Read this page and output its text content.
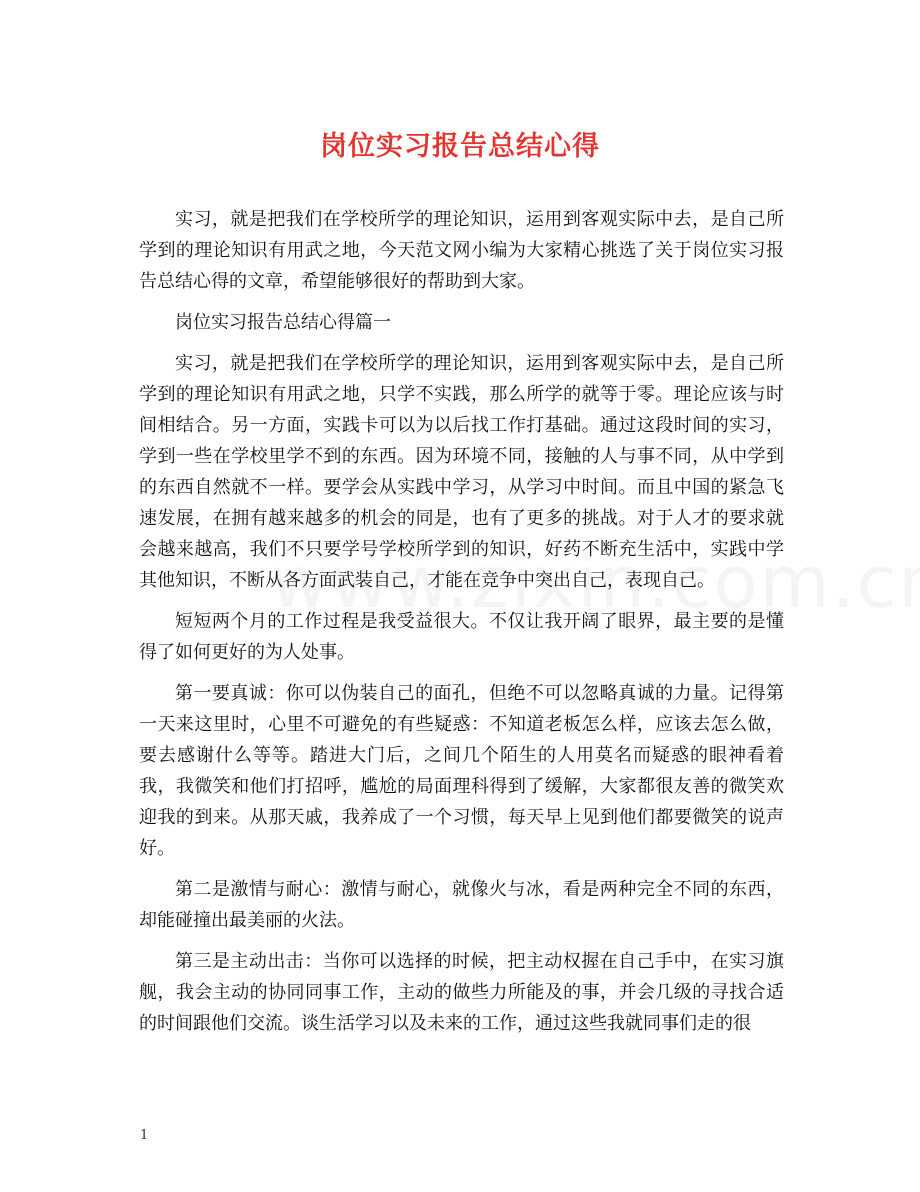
岗位实习报告总结心得

实习，就是把我们在学校所学的理论知识，运用到客观实际中去，是自己所学到的理论知识有用武之地，今天范文网小编为大家精心挑选了关于岗位实习报告总结心得的文章，希望能够很好的帮助到大家。

岗位实习报告总结心得篇一

实习，就是把我们在学校所学的理论知识，运用到客观实际中去，是自己所学到的理论知识有用武之地，只学不实践，那么所学的就等于零。理论应该与时间相结合。另一方面，实践卡可以为以后找工作打基础。通过这段时间的实习，学到一些在学校里学不到的东西。因为环境不同，接触的人与事不同，从中学到的东西自然就不一样。要学会从实践中学习，从学习中时间。而且中国的紧急飞速发展，在拥有越来越多的机会的同是，也有了更多的挑战。对于人才的要求就会越来越高，我们不只要学号学校所学到的知识，好药不断充生活中，实践中学其他知识，不断从各方面武装自己，才能在竞争中突出自己，表现自己。

短短两个月的工作过程是我受益很大。不仅让我开阔了眼界，最主要的是懂得了如何更好的为人处事。

第一要真诚：你可以伪装自己的面孔，但绝不可以忽略真诚的力量。记得第一天来这里时，心里不可避免的有些疑惑：不知道老板怎么样，应该去怎么做，要去感谢什么等等。踏进大门后，之间几个陌生的人用莫名而疑惑的眼神看着我，我微笑和他们打招呼，尴尬的局面理科得到了缓解，大家都很友善的微笑欢迎我的到来。从那天戚，我养成了一个习惯，每天早上见到他们都要微笑的说声好。

第二是激情与耐心：激情与耐心，就像火与冰，看是两种完全不同的东西，却能碰撞出最美丽的火法。

第三是主动出击：当你可以选择的时候，把主动权握在自己手中，在实习旗舰，我会主动的协同同事工作，主动的做些力所能及的事，并会几级的寻找合适的时间跟他们交流。谈生活学习以及未来的工作，通过这些我就同事们走的很

1
